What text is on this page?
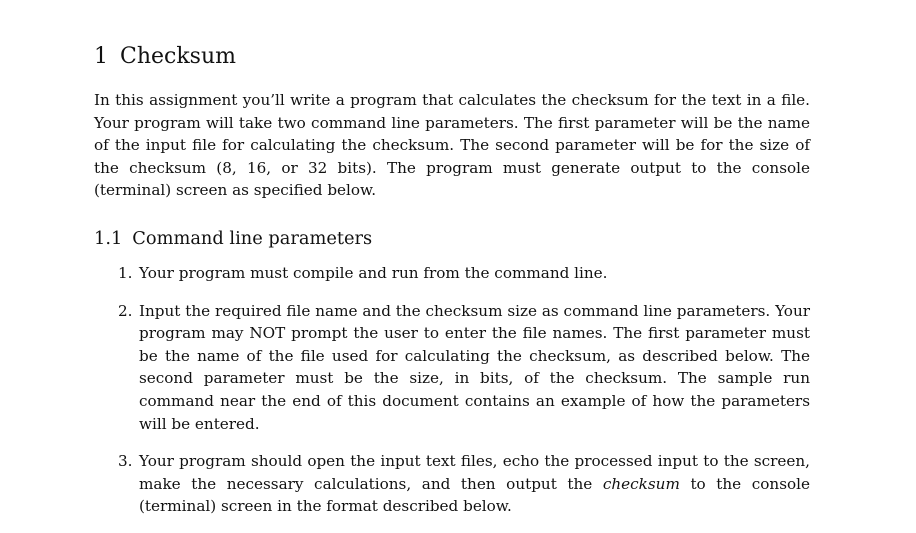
1 Checksum

In this assignment you’ll write a program that calculates the checksum for the text in a file. Your program will take two command line parameters. The first parameter will be the name of the input file for calculating the checksum. The second parameter will be for the size of the checksum (8, 16, or 32 bits). The program must generate output to the console (terminal) screen as specified below.

1.1 Command line parameters
1. Your program must compile and run from the command line.
2. Input the required file name and the checksum size as command line parameters. Your program may NOT prompt the user to enter the file names. The first parameter must be the name of the file used for calculating the checksum, as described below. The second parameter must be the size, in bits, of the checksum. The sample run command near the end of this document contains an example of how the parameters will be entered.
3. Your program should open the input text files, echo the processed input to the screen, make the necessary calculations, and then output the checksum to the console (terminal) screen in the format described below.
